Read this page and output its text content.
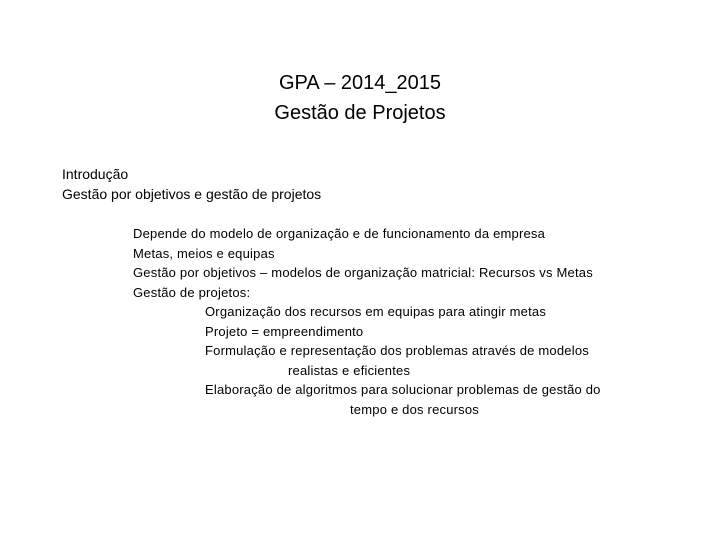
GPA – 2014_2015
Gestão de Projetos
Introdução
Gestão por objetivos e gestão de projetos
Depende do modelo de organização e de funcionamento da empresa
Metas, meios e equipas
Gestão por objetivos – modelos de organização matricial: Recursos vs Metas
Gestão de projetos:
Organização dos recursos em equipas para atingir metas
Projeto = empreendimento
Formulação e representação dos problemas através de modelos
realistas e eficientes
Elaboração de algoritmos para solucionar problemas de gestão do
tempo e dos recursos
